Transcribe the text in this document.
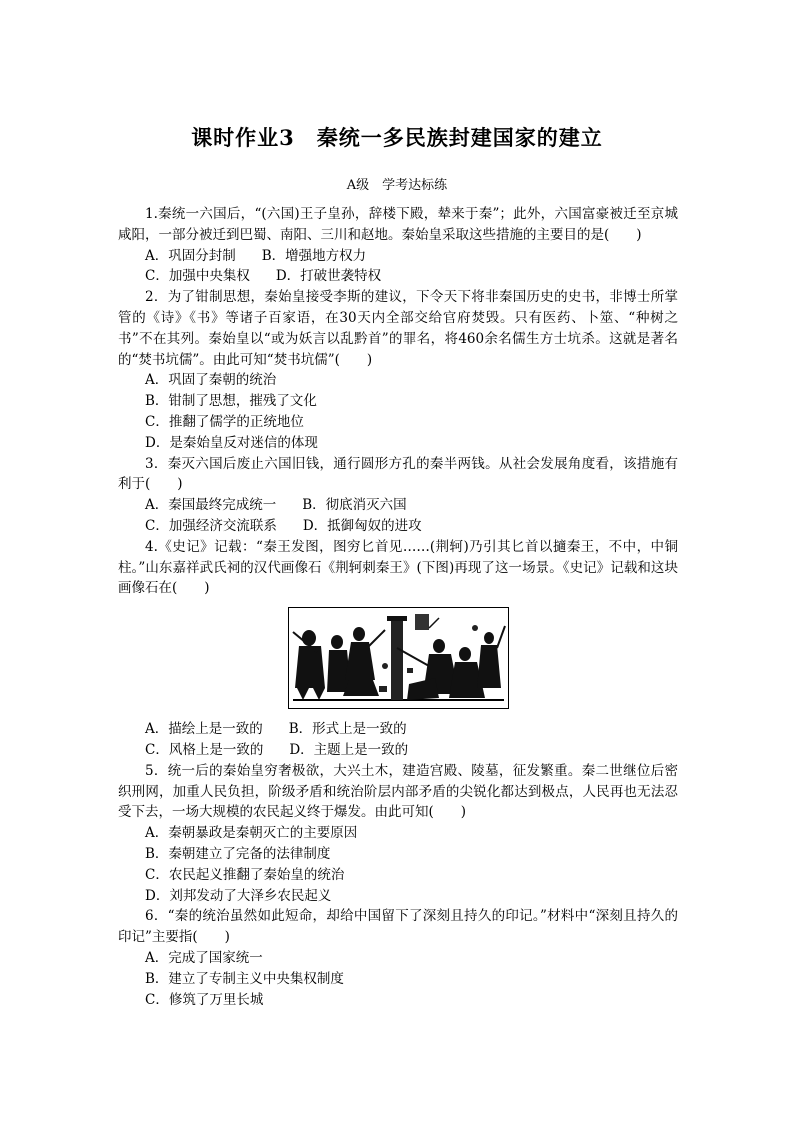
课时作业3　秦统一多民族封建国家的建立
A级　学考达标练

1.秦统一六国后，“(六国)王子皇孙，辞楼下殿，辇来于秦”；此外，六国富豪被迁至京城咸阳，一部分被迁到巴蜀、南阳、三川和赵地。秦始皇采取这些措施的主要目的是(　　)

A．巩固分封制 B．增强地方权力

C．加强中央集权 D．打破世袭特权

2．为了钳制思想，秦始皇接受李斯的建议，下令天下将非秦国历史的史书，非博士所掌管的《诗》《书》等诸子百家语，在30天内全部交给官府焚毁。只有医药、卜筮、“种树之书”不在其列。秦始皇以“或为妖言以乱黔首”的罪名，将460余名儒生方士坑杀。这就是著名的“焚书坑儒”。由此可知“焚书坑儒”(　　)

A．巩固了秦朝的统治

B．钳制了思想，摧残了文化

C．推翻了儒学的正统地位

D．是秦始皇反对迷信的体现

3．秦灭六国后废止六国旧钱，通行圆形方孔的秦半两钱。从社会发展角度看，该措施有利于(　　)

A．秦国最终完成统一 B．彻底消灭六国

C．加强经济交流联系 D．抵御匈奴的进攻

4.《史记》记载：“秦王发图，图穷匕首见……(荆轲)乃引其匕首以擿秦王，不中，中铜柱。”山东嘉祥武氏祠的汉代画像石《荆轲刺秦王》(下图)再现了这一场景。《史记》记载和这块画像石在(　　)

A．描绘上是一致的 B．形式上是一致的

C．风格上是一致的 D．主题上是一致的

5．统一后的秦始皇穷奢极欲，大兴土木，建造宫殿、陵墓，征发繁重。秦二世继位后密织刑网，加重人民负担，阶级矛盾和统治阶层内部矛盾的尖锐化都达到极点，人民再也无法忍受下去，一场大规模的农民起义终于爆发。由此可知(　　)

A．秦朝暴政是秦朝灭亡的主要原因

B．秦朝建立了完备的法律制度

C．农民起义推翻了秦始皇的统治

D．刘邦发动了大泽乡农民起义

6．“秦的统治虽然如此短命，却给中国留下了深刻且持久的印记。”材料中“深刻且持久的印记”主要指(　　)

A．完成了国家统一

B．建立了专制主义中央集权制度

C．修筑了万里长城
